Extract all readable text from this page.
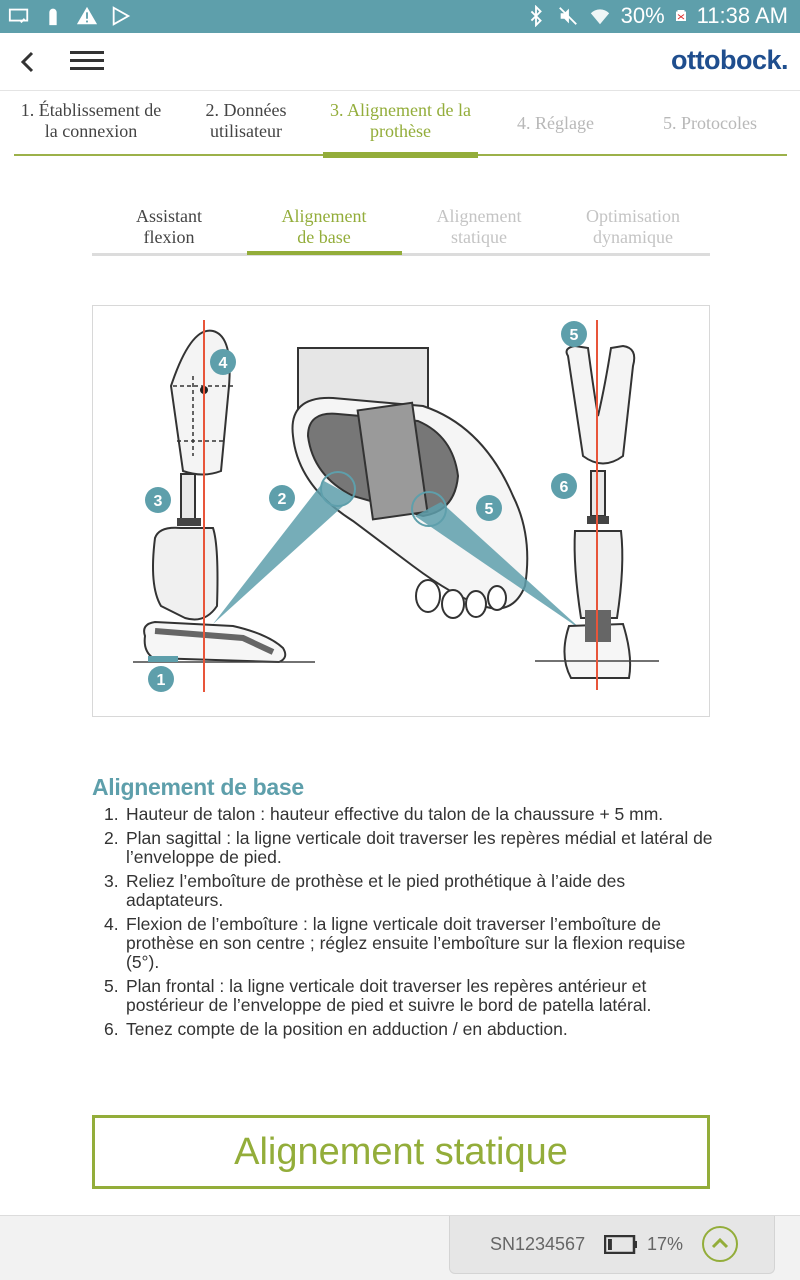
30% 11:38 AM
ottobock.
1. Établissement de
la connexion
2. Données
utilisateur
3. Alignement de la
prothèse	4. Réglage	5. Protocoles
Assistant
flexion
Alignement
de base
Alignement
statique
Optimisation
dynamique
4
3
1
2
5
5
6
Alignement de base
1. Hauteur de talon : hauteur effective du talon de la chaussure + 5 mm.
2. Plan sagittal : la ligne verticale doit traverser les repères médial et latéral de l’enveloppe de pied.
3. Reliez l’emboîture de prothèse et le pied prothétique à l’aide des adaptateurs.
4. Flexion de l’emboîture : la ligne verticale doit traverser l’emboîture de prothèse en son centre ; réglez ensuite l’emboîture sur la flexion requise (5°).
5. Plan frontal : la ligne verticale doit traverser les repères antérieur et postérieur de l’enveloppe de pied et suivre le bord de patella latéral.
6. Tenez compte de la position en adduction / en abduction.
Alignement statique
SN1234567	17%
